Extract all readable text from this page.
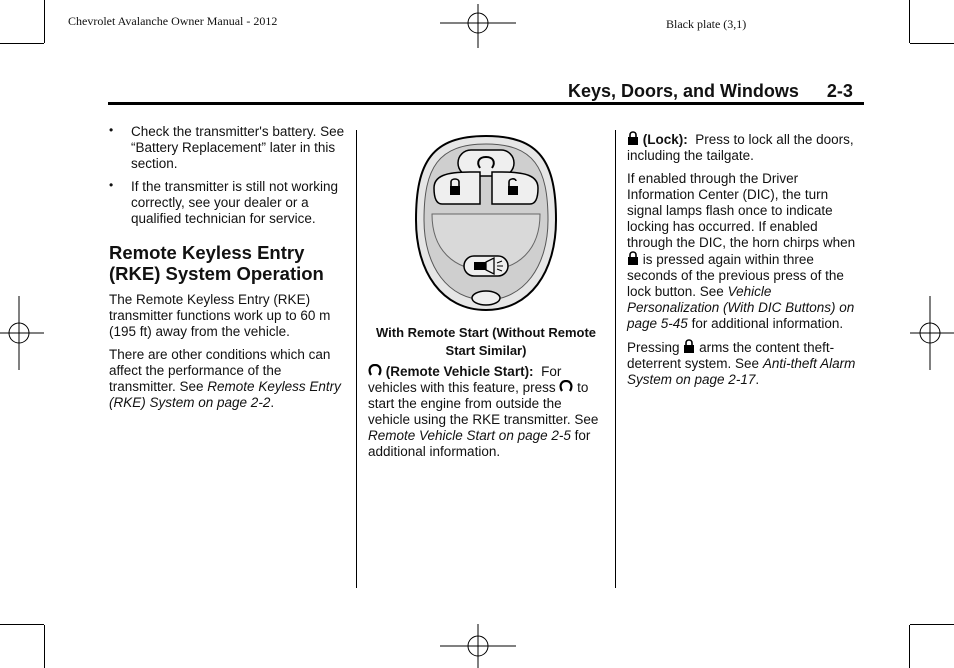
Chevrolet Avalanche Owner Manual - 2012	Black plate (3,1)
Keys, Doors, and Windows 2-3
• Check the transmitter's battery. See “Battery Replacement” later in this section.

• If the transmitter is still not working correctly, see your dealer or a qualified technician for service.

Remote Keyless Entry (RKE) System Operation

The Remote Keyless Entry (RKE) transmitter functions work up to 60 m (195 ft) away from the vehicle.

There are other conditions which can affect the performance of the transmitter. See Remote Keyless Entry (RKE) System on page 2-2.

With Remote Start (Without Remote Start Similar)

(Remote Vehicle Start): For vehicles with this feature, press to start the engine from outside the vehicle using the RKE transmitter. See Remote Vehicle Start on page 2-5 for additional information.

(Lock): Press to lock all the doors, including the tailgate.

If enabled through the Driver Information Center (DIC), the turn signal lamps flash once to indicate locking has occurred. If enabled through the DIC, the horn chirps when  is pressed again within three seconds of the previous press of the lock button. See Vehicle Personalization (With DIC Buttons) on page 5-45 for additional information.

Pressing arms the content theft-deterrent system. See Anti-theft Alarm System on page 2-17.
